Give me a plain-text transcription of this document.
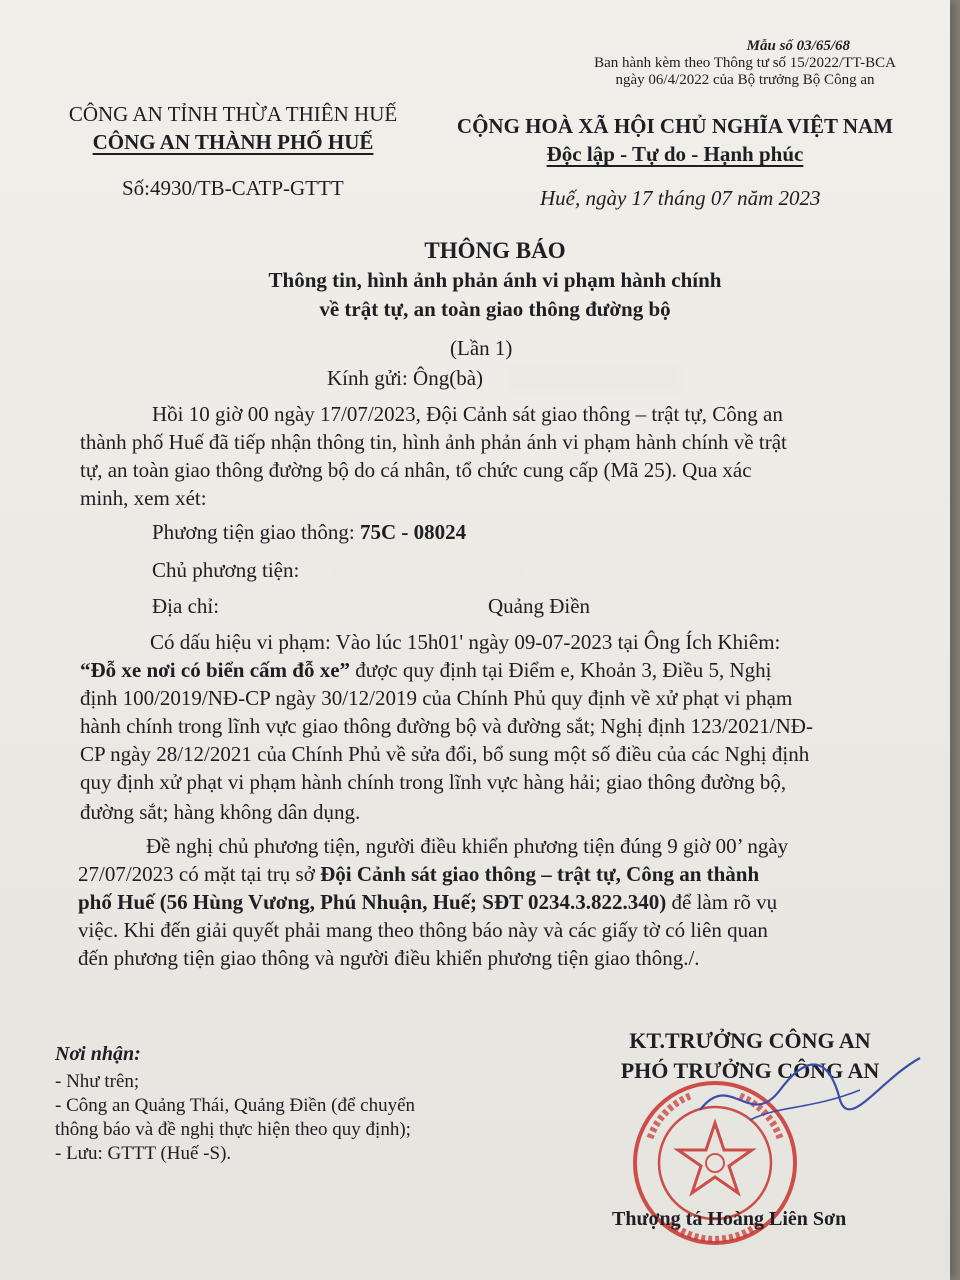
Mẫu số 03/65/68
Ban hành kèm theo Thông tư số 15/2022/TT-BCA
ngày 06/4/2022 của Bộ trưởng Bộ Công an
CÔNG AN TỈNH THỪA THIÊN HUẾ
CÔNG AN THÀNH PHỐ HUẾ
CỘNG HOÀ XÃ HỘI CHỦ NGHĨA VIỆT NAM
Độc lập - Tự do - Hạnh phúc
Số:4930/TB-CATP-GTTT	Huế, ngày 17 tháng 07 năm 2023
THÔNG BÁO
Thông tin, hình ảnh phản ánh vi phạm hành chính
về trật tự, an toàn giao thông đường bộ
(Lần 1)
Kính gửi: Ông(bà)
Hồi 10 giờ 00 ngày 17/07/2023, Đội Cảnh sát giao thông – trật tự, Công an
thành phố Huế đã tiếp nhận thông tin, hình ảnh phản ánh vi phạm hành chính về trật
tự, an toàn giao thông đường bộ do cá nhân, tổ chức cung cấp (Mã 25). Qua xác
minh, xem xét:
Phương tiện giao thông: 75C - 08024
Chủ phương tiện:
Địa chỉ:	Quảng Điền
Có dấu hiệu vi phạm: Vào lúc 15h01' ngày 09-07-2023 tại Ông Ích Khiêm:
“Đỗ xe nơi có biển cấm đỗ xe” được quy định tại Điểm e, Khoản 3, Điều 5, Nghị
định 100/2019/NĐ-CP ngày 30/12/2019 của Chính Phủ quy định về xử phạt vi phạm
hành chính trong lĩnh vực giao thông đường bộ và đường sắt; Nghị định 123/2021/NĐ-
CP ngày 28/12/2021 của Chính Phủ về sửa đổi, bổ sung một số điều của các Nghị định
quy định xử phạt vi phạm hành chính trong lĩnh vực hàng hải; giao thông đường bộ,
đường sắt; hàng không dân dụng.
Đề nghị chủ phương tiện, người điều khiển phương tiện đúng 9 giờ 00’ ngày
27/07/2023 có mặt tại trụ sở Đội Cảnh sát giao thông – trật tự, Công an thành
phố Huế (56 Hùng Vương, Phú Nhuận, Huế; SĐT 0234.3.822.340) để làm rõ vụ
việc. Khi đến giải quyết phải mang theo thông báo này và các giấy tờ có liên quan
đến phương tiện giao thông và người điều khiển phương tiện giao thông./.
Nơi nhận:
- Như trên;
- Công an Quảng Thái, Quảng Điền (để chuyển
thông báo và đề nghị thực hiện theo quy định);
- Lưu: GTTT (Huế -S).
KT.TRƯỞNG CÔNG AN
PHÓ TRƯỞNG CÔNG AN
Thượng tá Hoàng Liên Sơn
